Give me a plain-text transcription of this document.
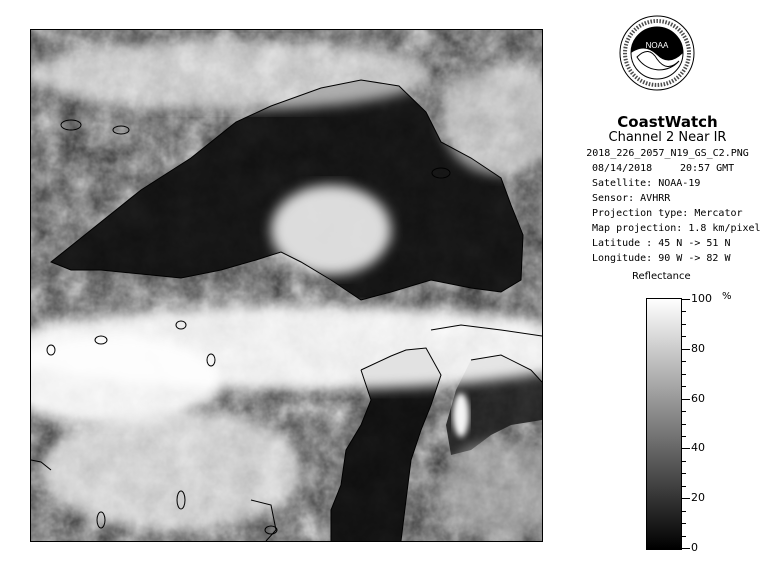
NOAA
CoastWatch
Channel 2 Near IR
2018_226_2057_N19_GS_C2.PNG
08/14/2018	20:57 GMT
Satellite: NOAA-19
Sensor: AVHRR
Projection type: Mercator
Map projection: 1.8 km/pixel
Latitude : 45 N -> 51 N
Longitude: 90 W -> 82 W
Reflectance
%
100
80
60
40
20
0
